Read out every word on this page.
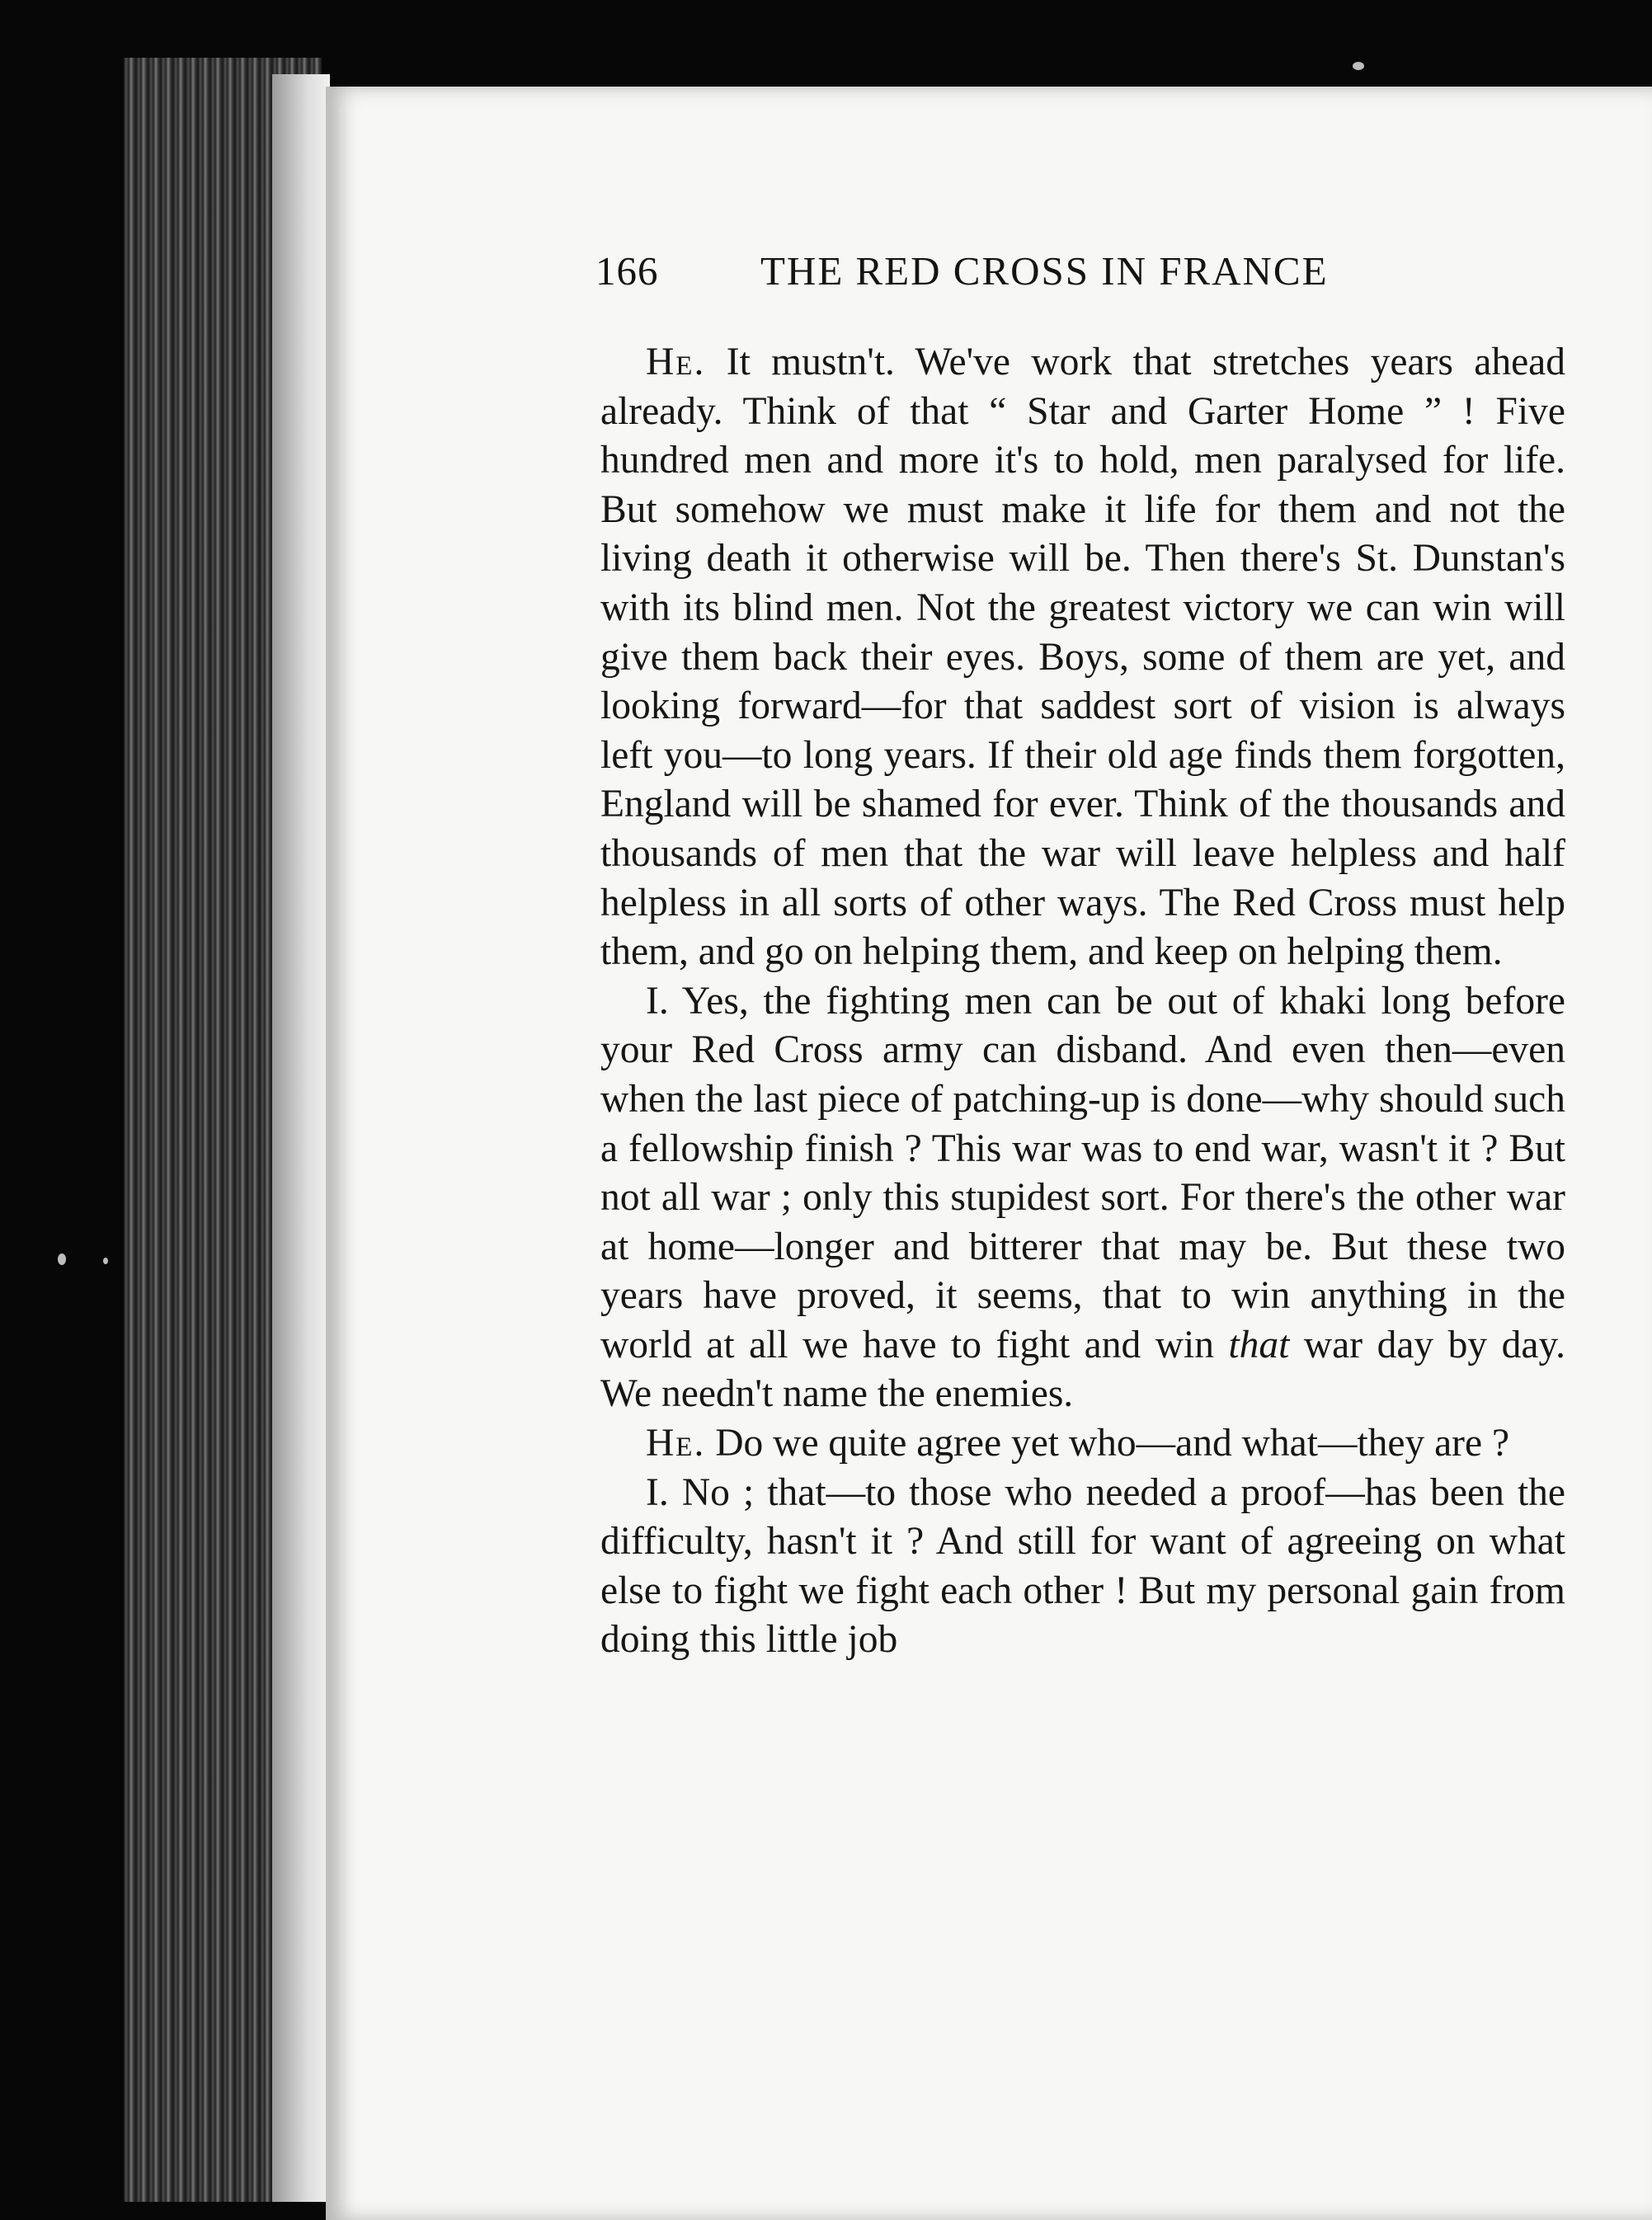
166	THE RED CROSS IN FRANCE

He. It mustn't. We've work that stretches years ahead already. Think of that “ Star and Garter Home ” ! Five hundred men and more it's to hold, men paralysed for life. But somehow we must make it life for them and not the living death it otherwise will be. Then there's St. Dunstan's with its blind men. Not the greatest victory we can win will give them back their eyes. Boys, some of them are yet, and looking forward—for that saddest sort of vision is always left you—to long years. If their old age finds them forgotten, England will be shamed for ever. Think of the thousands and thousands of men that the war will leave helpless and half helpless in all sorts of other ways. The Red Cross must help them, and go on helping them, and keep on helping them.

I. Yes, the fighting men can be out of khaki long before your Red Cross army can disband. And even then—even when the last piece of patching-up is done—why should such a fellowship finish ? This war was to end war, wasn't it ? But not all war ; only this stupidest sort. For there's the other war at home—longer and bitterer that may be. But these two years have proved, it seems, that to win anything in the world at all we have to fight and win that war day by day. We needn't name the enemies.

He. Do we quite agree yet who—and what—they are ?

I. No ; that—to those who needed a proof—has been the difficulty, hasn't it ? And still for want of agreeing on what else to fight we fight each other ! But my personal gain from doing this little job
